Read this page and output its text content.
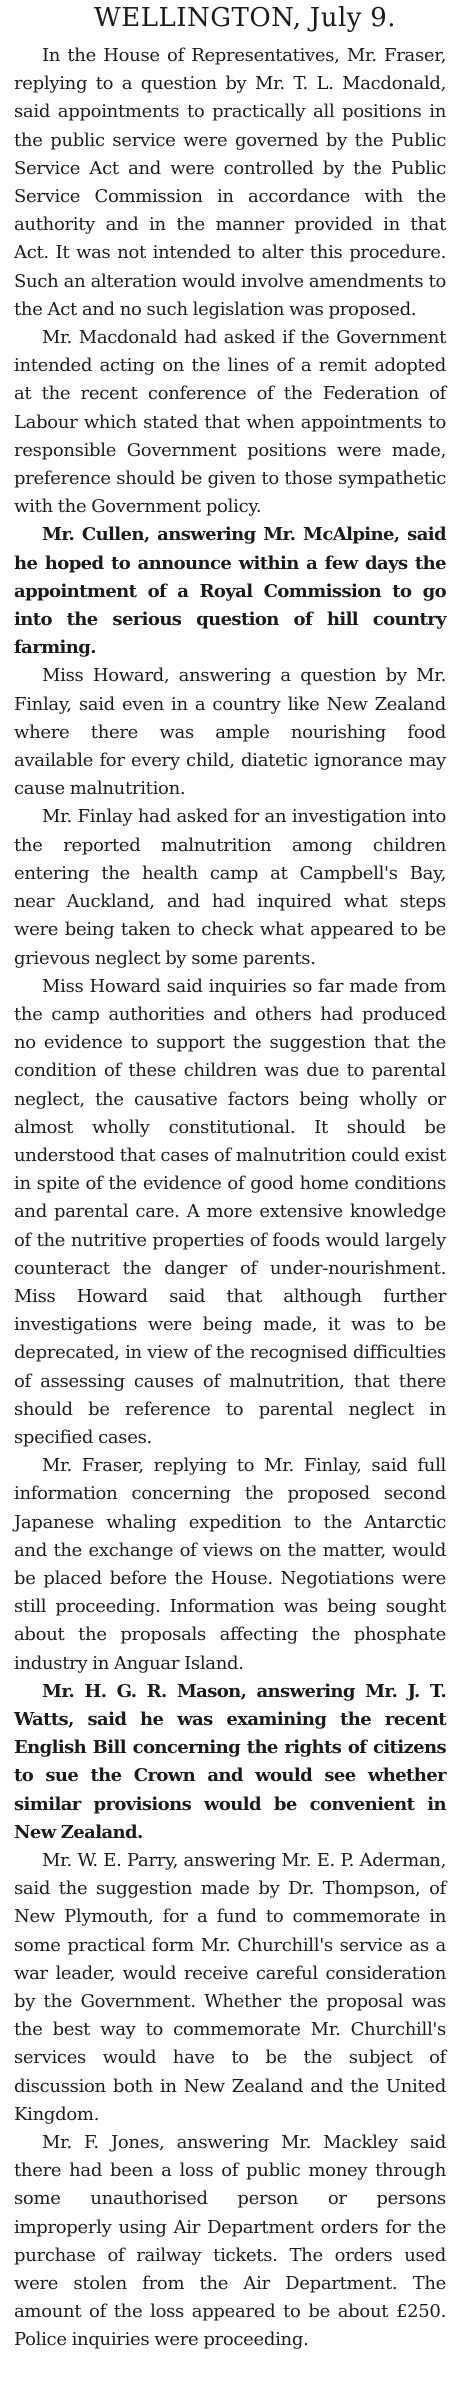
WELLINGTON, July 9.

In the House of Representatives, Mr. Fraser, replying to a question by Mr. T. L. Macdonald, said appointments to practically all positions in the public service were governed by the Public Service Act and were controlled by the Public Service Commission in accordance with the authority and in the manner provided in that Act. It was not intended to alter this procedure. Such an alteration would involve amendments to the Act and no such legislation was proposed.

Mr. Macdonald had asked if the Government intended acting on the lines of a remit adopted at the recent conference of the Federation of Labour which stated that when appointments to responsible Government positions were made, preference should be given to those sympathetic with the Government policy.

Mr. Cullen, answering Mr. McAlpine, said he hoped to announce within a few days the appointment of a Royal Commission to go into the serious question of hill country farming.

Miss Howard, answering a question by Mr. Finlay, said even in a country like New Zealand where there was ample nourishing food available for every child, diatetic ignorance may cause malnutrition.

Mr. Finlay had asked for an investigation into the reported malnutrition among children entering the health camp at Campbell's Bay, near Auckland, and had inquired what steps were being taken to check what appeared to be grievous neglect by some parents.

Miss Howard said inquiries so far made from the camp authorities and others had produced no evidence to support the suggestion that the condition of these children was due to parental neglect, the causative factors being wholly or almost wholly constitutional. It should be understood that cases of malnutrition could exist in spite of the evidence of good home conditions and parental care. A more extensive knowledge of the nutritive properties of foods would largely counteract the danger of under-nourishment. Miss Howard said that although further investigations were being made, it was to be deprecated, in view of the recognised difficulties of assessing causes of malnutrition, that there should be reference to parental neglect in specified cases.

Mr. Fraser, replying to Mr. Finlay, said full information concerning the proposed second Japanese whaling expedition to the Antarctic and the exchange of views on the matter, would be placed before the House. Negotiations were still proceeding. Information was being sought about the proposals affecting the phosphate industry in Anguar Island.

Mr. H. G. R. Mason, answering Mr. J. T. Watts, said he was examining the recent English Bill concerning the rights of citizens to sue the Crown and would see whether similar provisions would be convenient in New Zealand.

Mr. W. E. Parry, answering Mr. E. P. Aderman, said the suggestion made by Dr. Thompson, of New Plymouth, for a fund to commemorate in some practical form Mr. Churchill's service as a war leader, would receive careful consideration by the Government. Whether the proposal was the best way to commemorate Mr. Churchill's services would have to be the subject of discussion both in New Zealand and the United Kingdom.

Mr. F. Jones, answering Mr. Mackley said there had been a loss of public money through some unauthorised person or persons improperly using Air Department orders for the purchase of railway tickets. The orders used were stolen from the Air Department. The amount of the loss appeared to be about £250. Police inquiries were proceeding.
